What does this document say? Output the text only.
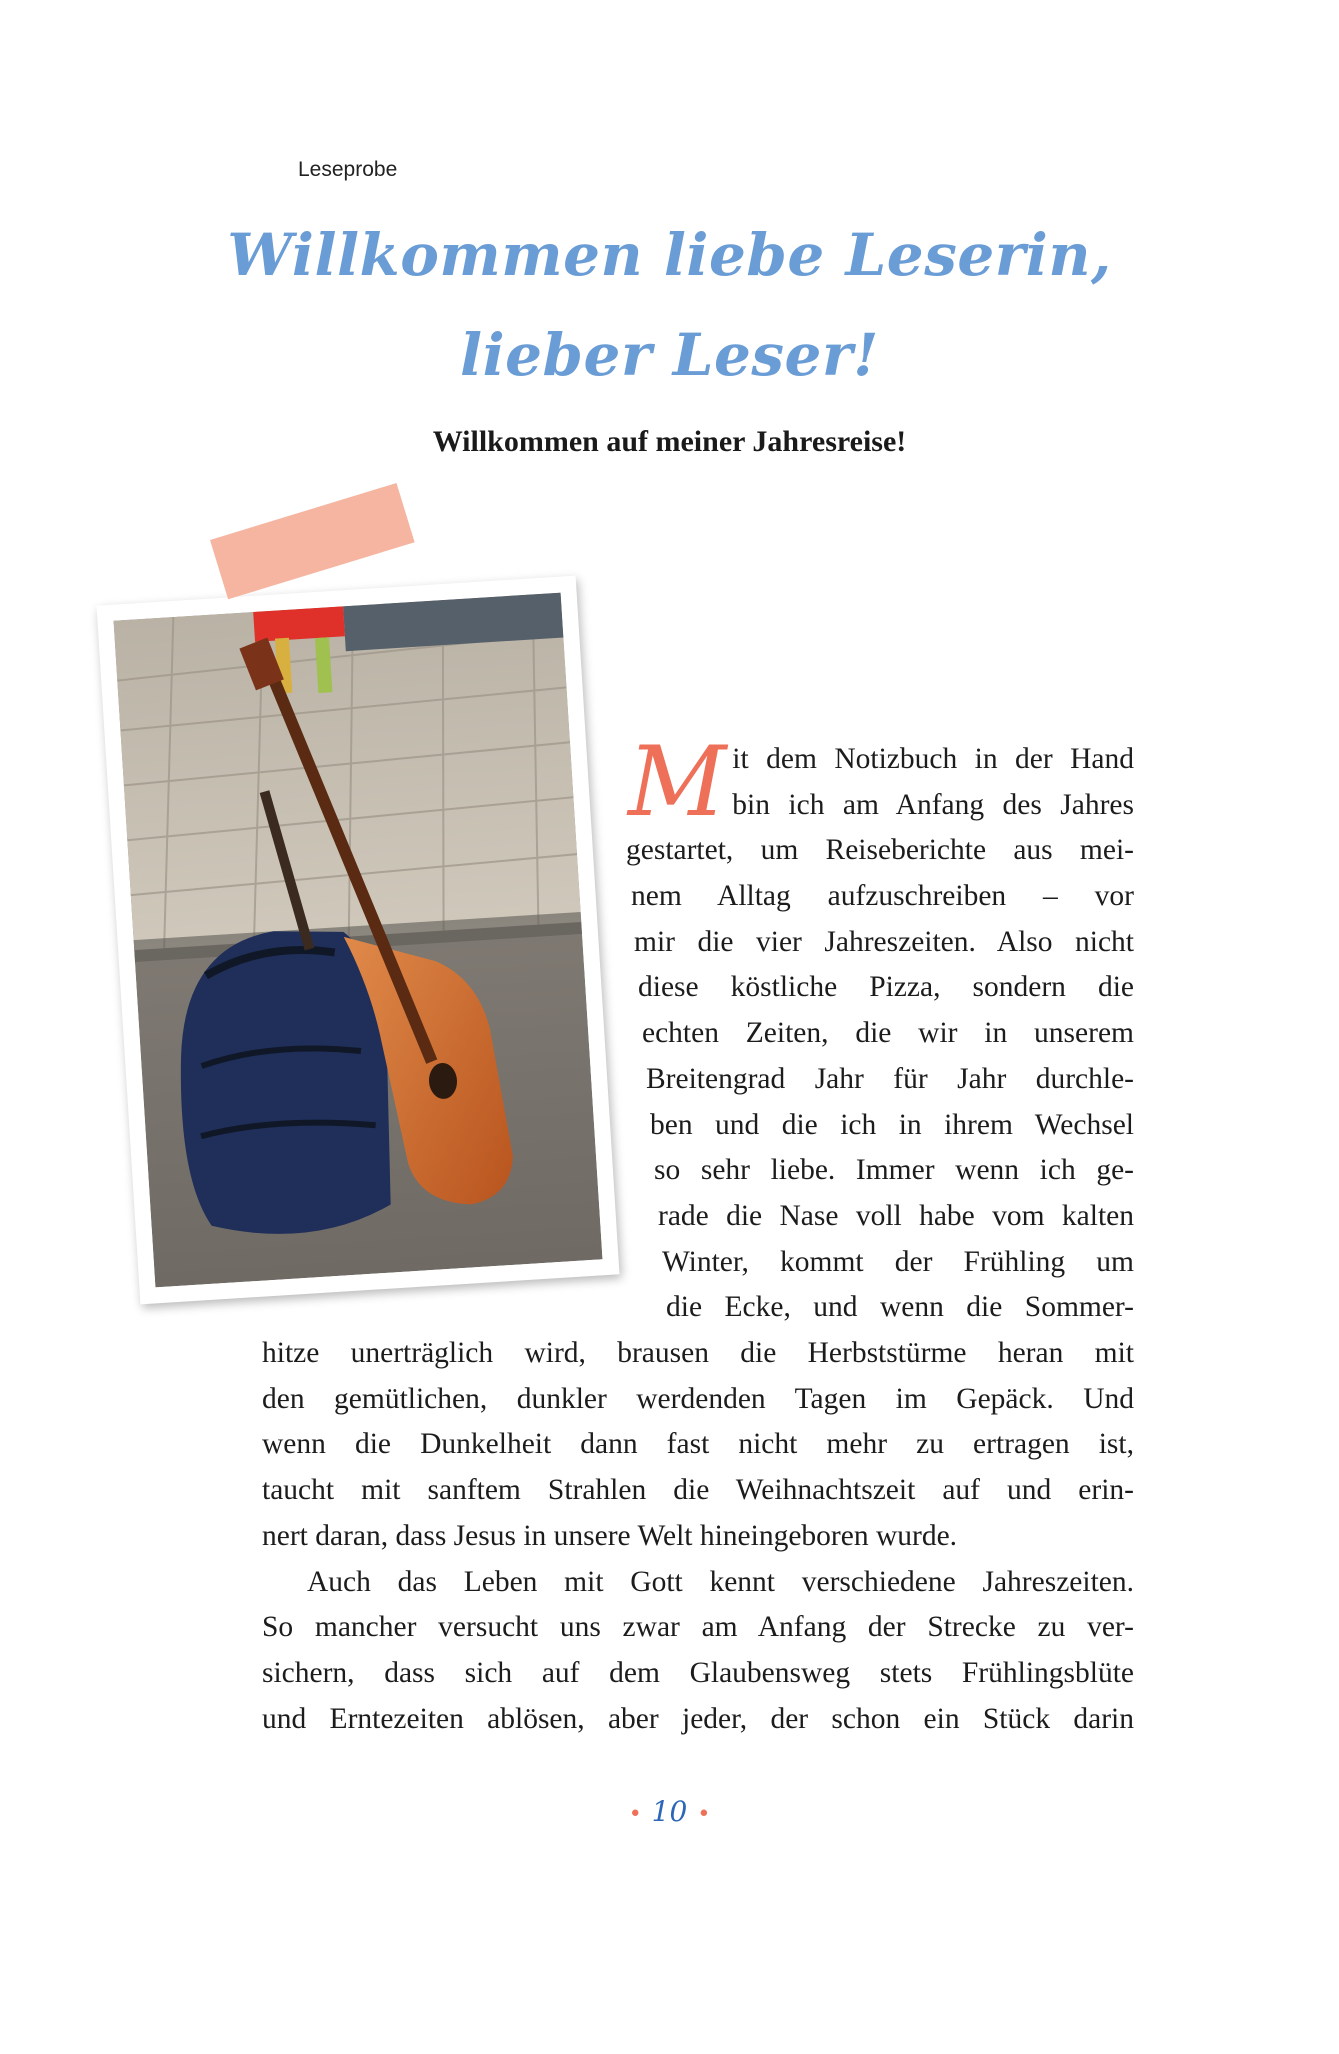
Leseprobe
Willkommen liebe Leserin,
lieber Leser!
Willkommen auf meiner Jahresreise!
M it dem Notizbuch in der Hand
bin ich am Anfang des Jahres
gestartet, um Reiseberichte aus mei-
nem Alltag aufzuschreiben – vor
mir die vier Jahreszeiten. Also nicht
diese köstliche Pizza, sondern die
echten Zeiten, die wir in unserem
Breitengrad Jahr für Jahr durchle-
ben und die ich in ihrem Wechsel
so sehr liebe. Immer wenn ich ge-
rade die Nase voll habe vom kalten
Winter, kommt der Frühling um
die Ecke, und wenn die Sommer-
hitze unerträglich wird, brausen die Herbststürme heran mit
den gemütlichen, dunkler werdenden Tagen im Gepäck. Und
wenn die Dunkelheit dann fast nicht mehr zu ertragen ist,
taucht mit sanftem Strahlen die Weihnachtszeit auf und erin-
nert daran, dass Jesus in unsere Welt hineingeboren wurde.
Auch das Leben mit Gott kennt verschiedene Jahreszeiten.
So mancher versucht uns zwar am Anfang der Strecke zu ver-
sichern, dass sich auf dem Glaubensweg stets Frühlingsblüte
und Erntezeiten ablösen, aber jeder, der schon ein Stück darin
• 10 •
